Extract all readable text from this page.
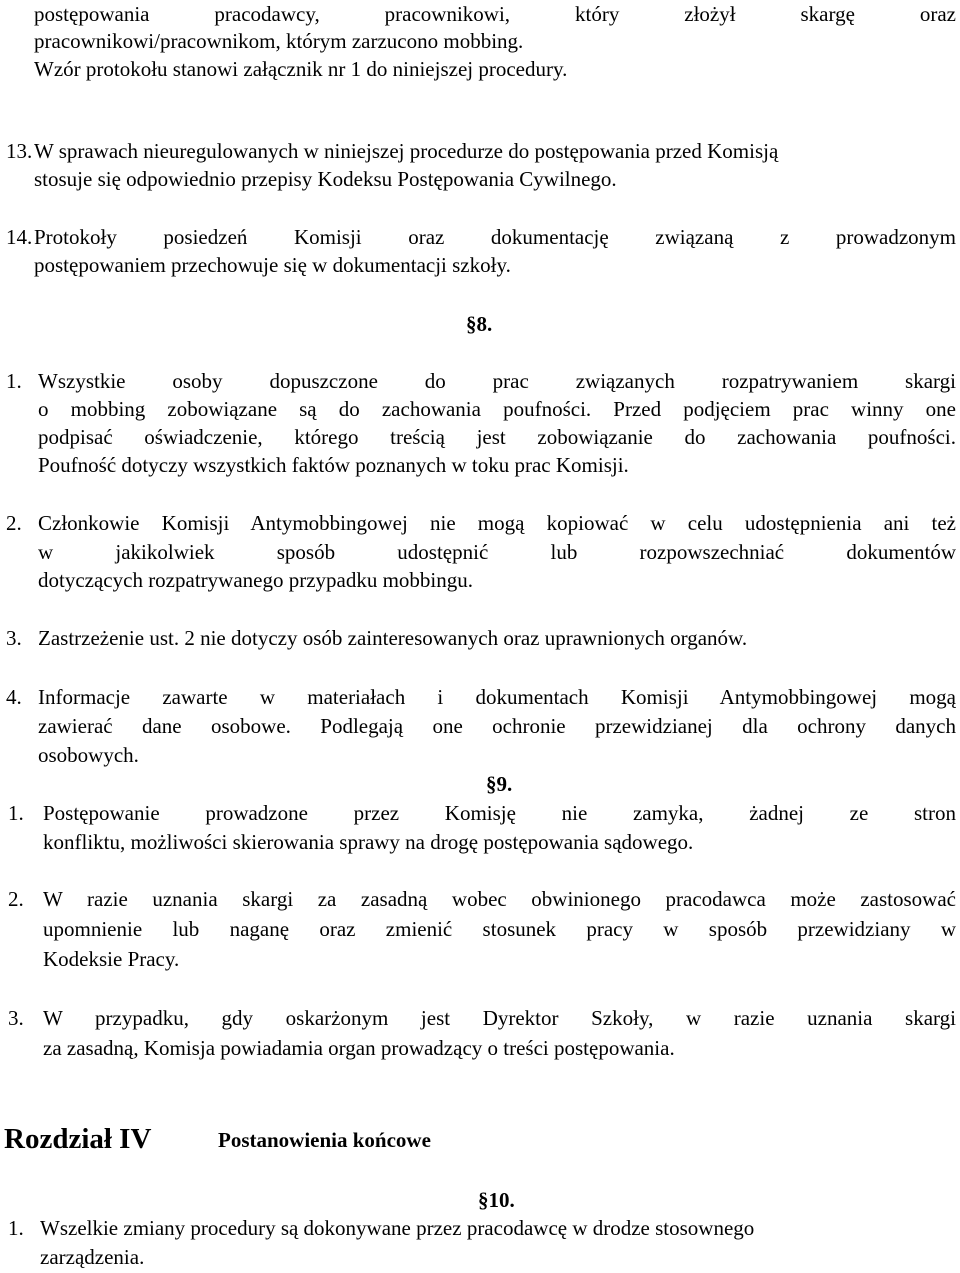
postępowania pracodawcy, pracownikowi, który złożył skargę oraz
pracownikowi/pracownikom, którym zarzucono mobbing.
Wzór protokołu stanowi załącznik nr 1 do niniejszej procedury.
13. W sprawach nieuregulowanych w niniejszej procedurze do postępowania przed Komisją
stosuje się odpowiednio przepisy Kodeksu Postępowania Cywilnego.
14. Protokoły posiedzeń Komisji oraz dokumentację związaną z prowadzonym
postępowaniem przechowuje się w dokumentacji szkoły.
§8.
1. Wszystkie osoby dopuszczone do prac związanych rozpatrywaniem skargi
o mobbing zobowiązane są do zachowania poufności. Przed podjęciem prac winny one
podpisać oświadczenie, którego treścią jest zobowiązanie do zachowania poufności.
Poufność dotyczy wszystkich faktów poznanych w toku prac Komisji.
2. Członkowie Komisji Antymobbingowej nie mogą kopiować w celu udostępnienia ani też
w jakikolwiek sposób udostępnić lub rozpowszechniać dokumentów
dotyczących rozpatrywanego przypadku mobbingu.
3. Zastrzeżenie ust. 2 nie dotyczy osób zainteresowanych oraz uprawnionych organów.
4. Informacje zawarte w materiałach i dokumentach Komisji Antymobbingowej mogą
zawierać dane osobowe. Podlegają one ochronie przewidzianej dla ochrony danych
osobowych.
§9.
1. Postępowanie prowadzone przez Komisję nie zamyka, żadnej ze stron
konfliktu, możliwości skierowania sprawy na drogę postępowania sądowego.
2. W razie uznania skargi za zasadną wobec obwinionego pracodawca może zastosować
upomnienie lub naganę oraz zmienić stosunek pracy w sposób przewidziany w
Kodeksie Pracy.
3. W przypadku, gdy oskarżonym jest Dyrektor Szkoły, w razie uznania skargi
za zasadną, Komisja powiadamia organ prowadzący o treści postępowania.
Rozdział IV	Postanowienia końcowe
§10.
1. Wszelkie zmiany procedury są dokonywane przez pracodawcę w drodze stosownego
zarządzenia.
